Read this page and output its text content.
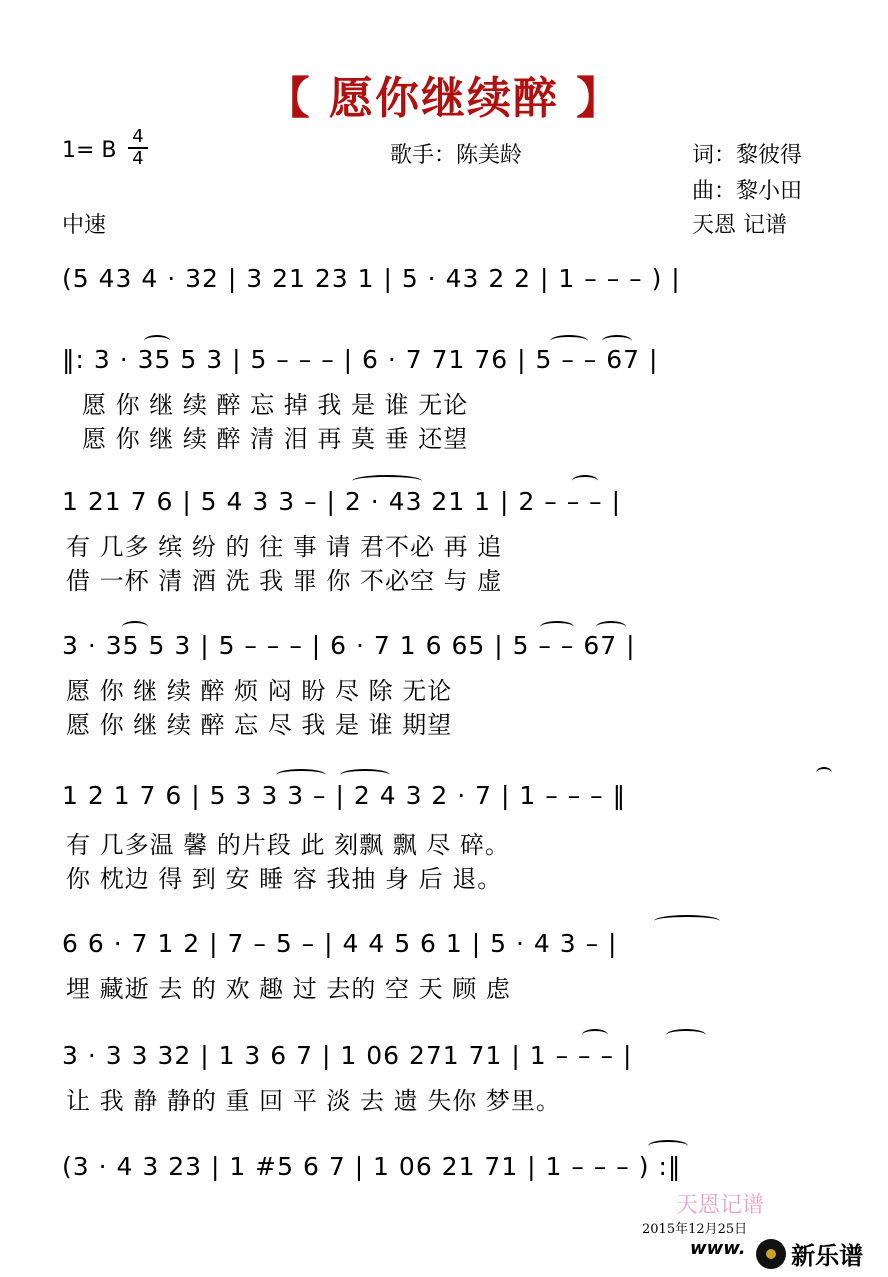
【 愿你继续醉 】
1= B
4
4	歌手：陈美龄	词：黎彼得
曲：黎小田
中速	天恩 记谱
(5 43 4 · 32 | 3 21 23 1 | 5 · 43 2 2 | 1 – – – ) |
‖: 3 · 35 5 3 | 5 – – – | 6 · 7 71 76 | 5 – – 67 |
愿 你 继 续 醉 忘 掉 我 是 谁 无论
愿 你 继 续 醉 清 泪 再 莫 垂 还望
1 21 7 6 | 5 4 3 3 – | 2 · 43 21 1 | 2 – – – |
有 几多 缤 纷 的 往 事 请 君不必 再 追
借 一杯 清 酒 洗 我 罪 你 不必空 与 虚
3 · 35 5 3 | 5 – – – | 6 · 7 1 6 65 | 5 – – 67 |
愿 你 继 续 醉 烦 闷 盼 尽 除 无论
愿 你 继 续 醉 忘 尽 我 是 谁 期望
1 2 1 7 6 | 5 3 3 3 – | 2 4 3 2 · 7 | 1 – – – ‖
有 几多温 馨 的片段 此 刻飘 飘 尽 碎。
你 枕边 得 到 安 睡 容 我抽 身 后 退。
6 6 · 7 1 2 | 7 – 5 – | 4 4 5 6 1 | 5 · 4 3 – |
埋 藏逝 去 的 欢 趣 过 去的 空 天 顾 虑
3 · 3 3 32 | 1 3 6 7 | 1 06 271 71 | 1 – – – |
让 我 静 静的 重 回 平 淡 去 遗 失你 梦里。
(3 · 4 3 23 | 1 #5 6 7 | 1 06 21 71 | 1 – – – ) :‖
天恩记谱
2015年12月25日
www.	新乐谱
